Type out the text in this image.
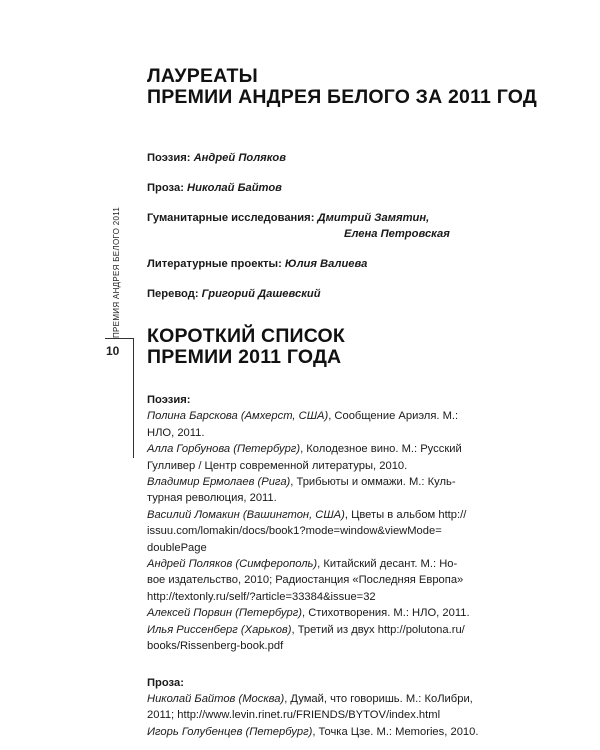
ПРЕМИЯ АНДРЕЯ БЕЛОГО 2011
10
ЛАУРЕАТЫ
ПРЕМИИ АНДРЕЯ БЕЛОГО ЗА 2011 ГОД
Поэзия: Андрей Поляков
Проза: Николай Байтов
Гуманитарные исследования: Дмитрий Замятин,
Елена Петровская
Литературные проекты: Юлия Валиева
Перевод: Григорий Дашевский
КОРОТКИЙ СПИСОК
ПРЕМИИ 2011 ГОДА
Поэзия:
Полина Барскова (Амхерст, США), Сообщение Ариэля. М.:
НЛО, 2011.
Алла Горбунова (Петербург), Колодезное вино. М.: Русский
Гулливер / Центр современной литературы, 2010.
Владимир Ермолаев (Рига), Трибьюты и оммажи. М.: Куль-
турная революция, 2011.
Василий Ломакин (Вашингтон, США), Цветы в альбом http://
issuu.com/lomakin/docs/book1?mode=window&viewMode=
doublePage
Андрей Поляков (Симферополь), Китайский десант. М.: Но-
вое издательство, 2010; Радиостанция «Последняя Европа»
http://textonly.ru/self/?article=33384&issue=32
Алексей Порвин (Петербург), Стихотворения. М.: НЛО, 2011.
Илья Риссенберг (Харьков), Третий из двух http://polutona.ru/
books/Rissenberg-book.pdf
Проза:
Николай Байтов (Москва), Думай, что говоришь. М.: КоЛибри,
2011; http://www.levin.rinet.ru/FRIENDS/BYTOV/index.html
Игорь Голубенцев (Петербург), Точка Цзе. М.: Memories, 2010.
